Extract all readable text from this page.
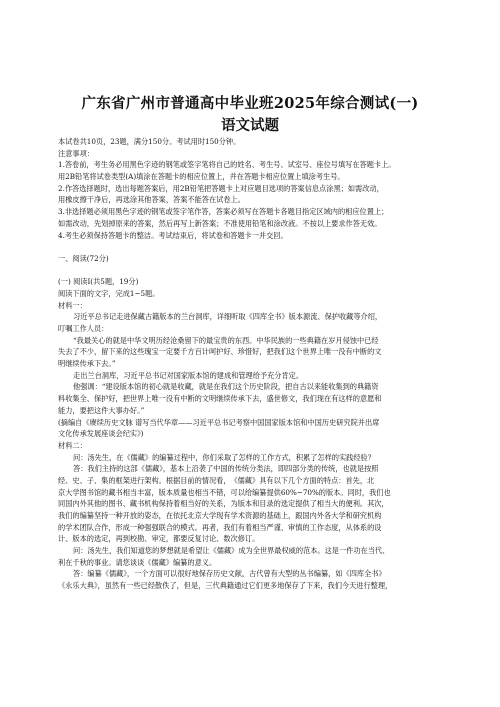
广东省广州市普通高中毕业班2025年综合测试(一)
语文试题
本试卷共10页，23题，满分150分。考试用时150分钟。
注意事项：
1.答卷前，考生务必用黑色字迹的钢笔或签字笔将自己的姓名、考生号、试室号、座位号填写在答题卡上。
用2B铅笔将试卷类型(A)填涂在答题卡的相应位置上，并在答题卡相应位置上填涂考生号。
2.作答选择题时，选出每题答案后，用2B铅笔把答题卡上对应题目选项的答案信息点涂黑；如需改动，
用橡皮擦干净后，再选涂其他答案，答案不能答在试卷上。
3.非选择题必须用黑色字迹的钢笔或签字笔作答，答案必须写在答题卡各题目指定区域内的相应位置上；
如需改动，先划掉原来的答案，然后再写上新答案；不准使用铅笔和涂改液。不按以上要求作答无效。
4.考生必须保持答题卡的整洁。考试结束后，将试卷和答题卡一并交回。
一、阅读(72分)
(一) 阅读Ⅰ(共5题，19分)
阅读下面的文字，完成1~5题。
材料一：
习近平总书记走进保藏古籍版本的兰台洞库，详细听取《四库全书》版本源流、保护收藏等介绍，
叮嘱工作人员：
“我最关心的就是中华文明历经沧桑留下的最宝贵的东西。中华民族的一些典籍在岁月侵蚀中已经
失去了不少，留下来的这些瑰宝一定要千方百计呵护好、珍惜好，把我们这个世界上唯一没有中断的文
明继续传承下去。”
走出兰台洞库，习近平总书记对国家版本馆的建成和管理给予充分肯定。
他强调：“建设版本馆的初心就是收藏，就是在我们这个历史阶段，把自古以来能收集到的典籍资
料收集全、保护好，把世界上唯一没有中断的文明继续传承下去，盛世修文，我们现在有这样的意愿和
能力，要把这件大事办好。”
(摘编自《赓续历史文脉 谱写当代华章——习近平总书记考察中国国家版本馆和中国历史研究院并出席
文化传承发展座谈会纪实》)
材料二：
问：汤先生，在《儒藏》的编纂过程中，你们采取了怎样的工作方式，积累了怎样的实践经验？
答：我们主持的这部《儒藏》，基本上沿袭了中国的传统分类法，即四部分类的传统，也就是按照
经、史、子、集的框架进行架构。根据目前的情况看，　《儒藏》具有以下几个方面的特点：首先，北
京大学图书馆的藏书相当丰富，版本质量也相当不错，可以给编纂提供60%~70%的版本。同时，我们也
同国内外其他的图书、藏书机构保持着相当好的关系，为版本和目录的选定提供了相当大的便利。其次，
我们的编纂坚持一种开放的姿态，在依托北京大学现有学术资源的基础上，跟国内外各大学和研究机构
的学术团队合作，形成一种强强联合的模式。再者，我们有着相当严谨、审慎的工作态度，从体系的设
计、版本的选定，再到校勘、审定，都要反复讨论、数次修订。
问：汤先生，我们知道您的梦想就是希望让《儒藏》成为全世界最权威的范本。这是一件功在当代、
利在千秋的事业。请您谈谈《儒藏》编纂的意义。
答：编纂《儒藏》，一个方面可以很好地保存历史文献，古代曾有大型的丛书编纂，如《四库全书》
《永乐大典》，虽然有一些已经散佚了，但是，三代典籍通过它们更多地保存了下来，我们今天进行整理，
